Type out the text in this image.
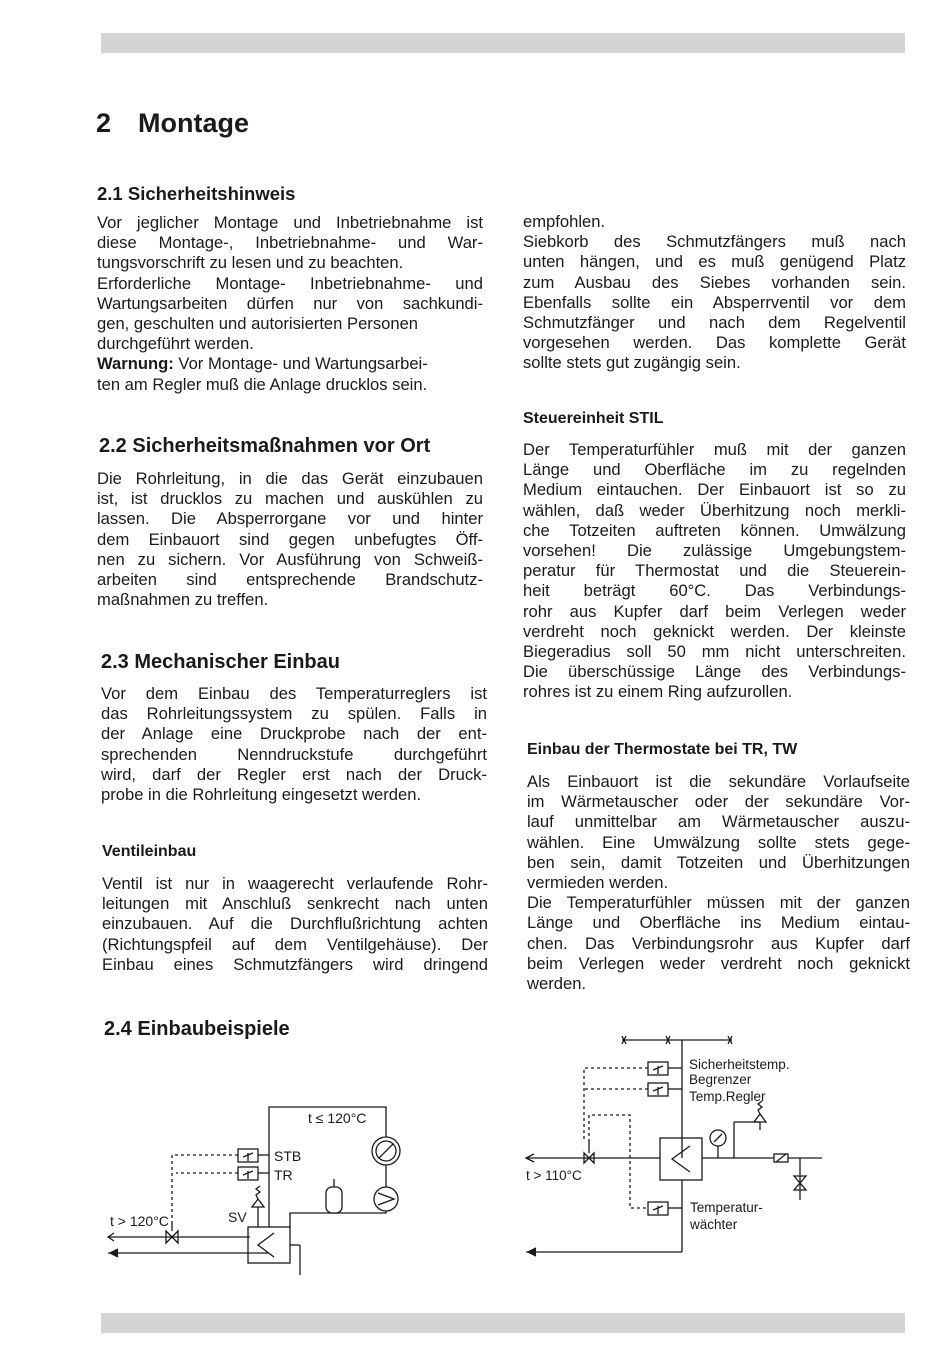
2 Montage
2.1 Sicherheitshinweis
Vor jeglicher Montage und Inbetriebnahme ist
diese Montage-, Inbetriebnahme- und War-
tungsvorschrift zu lesen und zu beachten.
Erforderliche Montage- Inbetriebnahme- und
Wartungsarbeiten dürfen nur von sachkundi-
gen, geschulten und autorisierten Personen
durchgeführt werden.
Warnung: Vor Montage- und Wartungsarbei-
ten am Regler muß die Anlage drucklos sein.
2.2 Sicherheitsmaßnahmen vor Ort
Die Rohrleitung, in die das Gerät einzubauen
ist, ist drucklos zu machen und auskühlen zu
lassen. Die Absperrorgane vor und hinter
dem Einbauort sind gegen unbefugtes Öff-
nen zu sichern. Vor Ausführung von Schweiß-
arbeiten sind entsprechende Brandschutz-
maßnahmen zu treffen.
2.3 Mechanischer Einbau
Vor dem Einbau des Temperaturreglers ist
das Rohrleitungssystem zu spülen. Falls in
der Anlage eine Druckprobe nach der ent-
sprechenden Nenndruckstufe durchgeführt
wird, darf der Regler erst nach der Druck-
probe in die Rohrleitung eingesetzt werden.
Ventileinbau
Ventil ist nur in waagerecht verlaufende Rohr-
leitungen mit Anschluß senkrecht nach unten
einzubauen. Auf die Durchflußrichtung achten
(Richtungspfeil auf dem Ventilgehäuse). Der
Einbau eines Schmutzfängers wird dringend
empfohlen.
Siebkorb des Schmutzfängers muß nach
unten hängen, und es muß genügend Platz
zum Ausbau des Siebes vorhanden sein.
Ebenfalls sollte ein Absperrventil vor dem
Schmutzfänger und nach dem Regelventil
vorgesehen werden. Das komplette Gerät
sollte stets gut zugängig sein.
Steuereinheit STIL
Der Temperaturfühler muß mit der ganzen
Länge und Oberfläche im zu regelnden
Medium eintauchen. Der Einbauort ist so zu
wählen, daß weder Überhitzung noch merkli-
che Totzeiten auftreten können. Umwälzung
vorsehen! Die zulässige Umgebungstem-
peratur für Thermostat und die Steuerein-
heit beträgt 60°C. Das Verbindungs-
rohr aus Kupfer darf beim Verlegen weder
verdreht noch geknickt werden. Der kleinste
Biegeradius soll 50 mm nicht unterschreiten.
Die überschüssige Länge des Verbindungs-
rohres ist zu einem Ring aufzurollen.
Einbau der Thermostate bei TR, TW
Als Einbauort ist die sekundäre Vorlaufseite
im Wärmetauscher oder der sekundäre Vor-
lauf unmittelbar am Wärmetauscher auszu-
wählen. Eine Umwälzung sollte stets gege-
ben sein, damit Totzeiten und Überhitzungen
vermieden werden.
Die Temperaturfühler müssen mit der ganzen
Länge und Oberfläche ins Medium eintau-
chen. Das Verbindungsrohr aus Kupfer darf
beim Verlegen weder verdreht noch geknickt
werden.
2.4 Einbaubeispiele
t ≤ 120°C
STB
TR
SV
t > 120°C
Sicherheitstemp.
Begrenzer
Temp.Regler
t > 110°C
Temperatur-
wächter
